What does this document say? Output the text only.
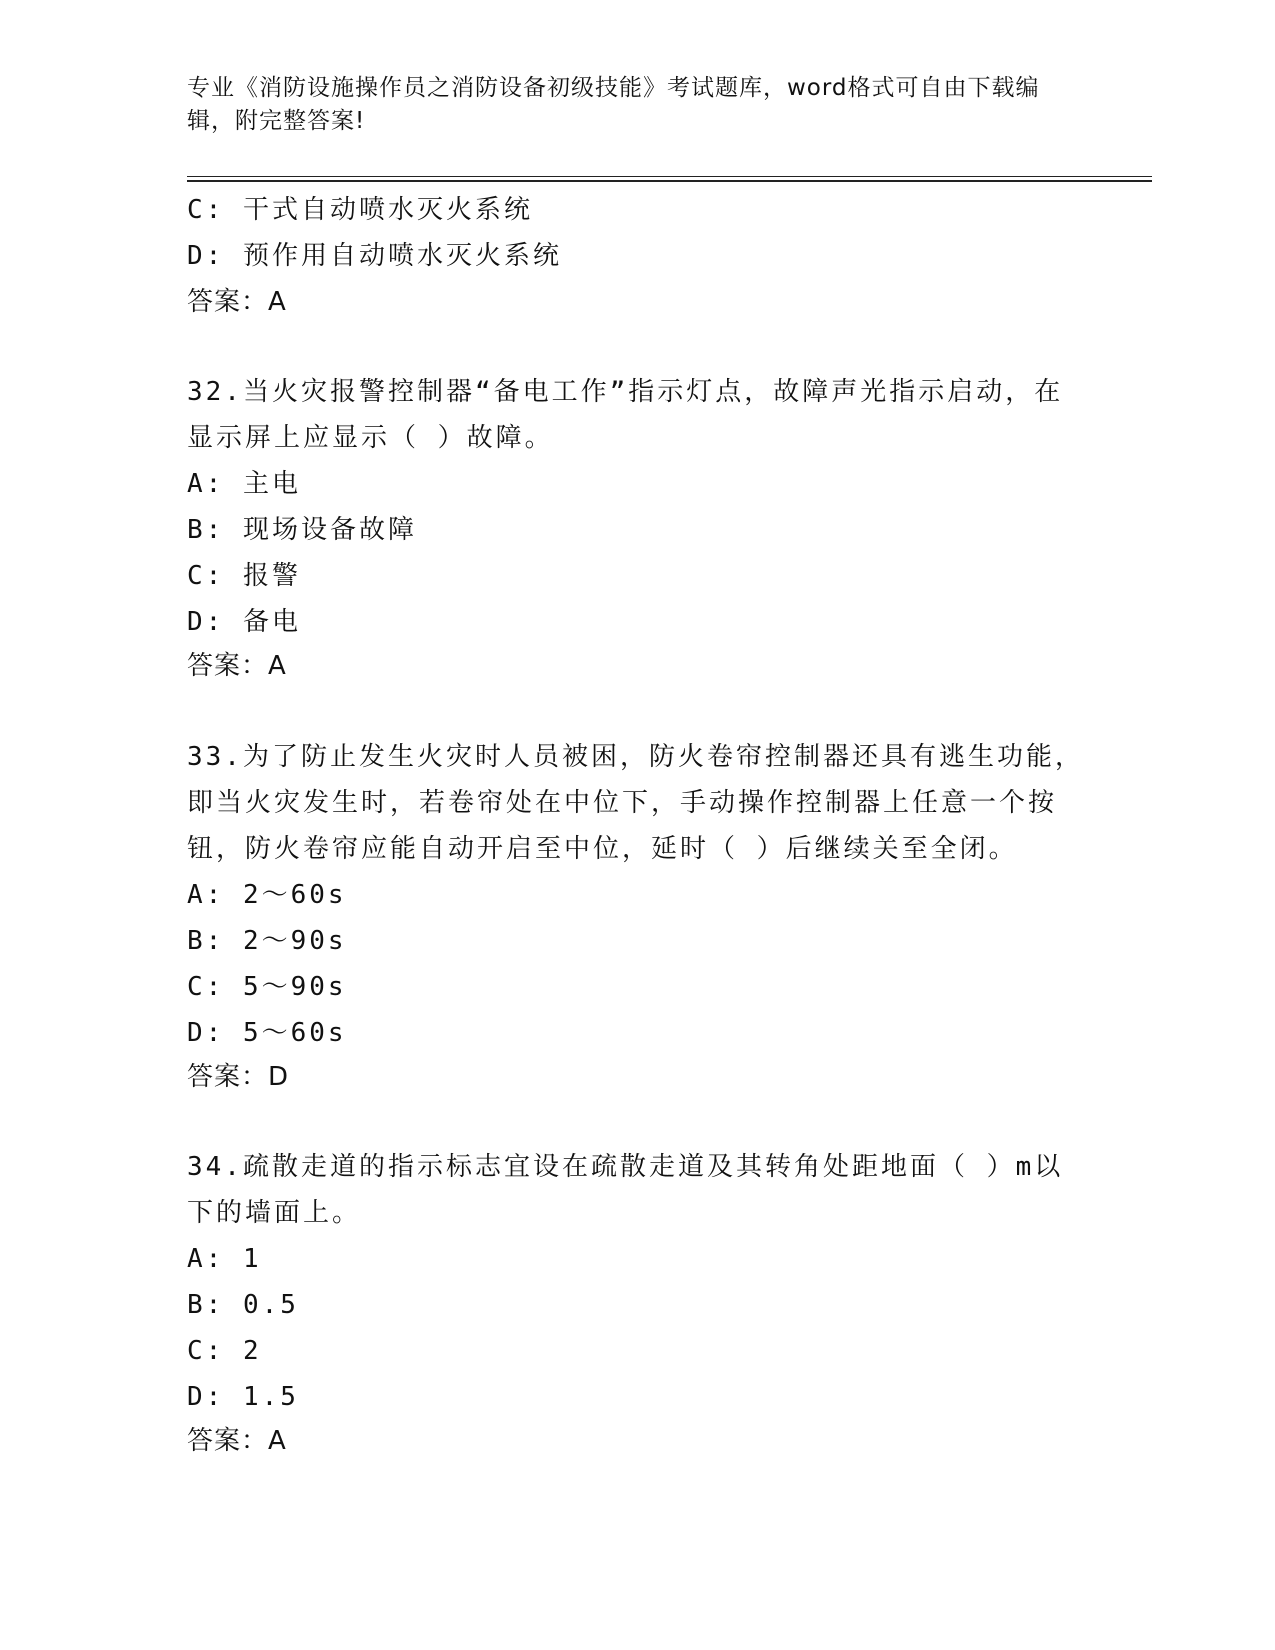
专业《消防设施操作员之消防设备初级技能》考试题库，word格式可自由下载编
辑，附完整答案!
C: 干式自动喷水灭火系统
D: 预作用自动喷水灭火系统
答案：A
32.当火灾报警控制器“备电工作”指示灯点，故障声光指示启动，在
显示屏上应显示（ ）故障。
A: 主电
B: 现场设备故障
C: 报警
D: 备电
答案：A
33.为了防止发生火灾时人员被困，防火卷帘控制器还具有逃生功能，
即当火灾发生时，若卷帘处在中位下，手动操作控制器上任意一个按
钮，防火卷帘应能自动开启至中位，延时（ ）后继续关至全闭。
A: 2～60s
B: 2～90s
C: 5～90s
D: 5～60s
答案：D
34.疏散走道的指示标志宜设在疏散走道及其转角处距地面（ ）m以
下的墙面上。
A: 1
B: 0.5
C: 2
D: 1.5
答案：A
